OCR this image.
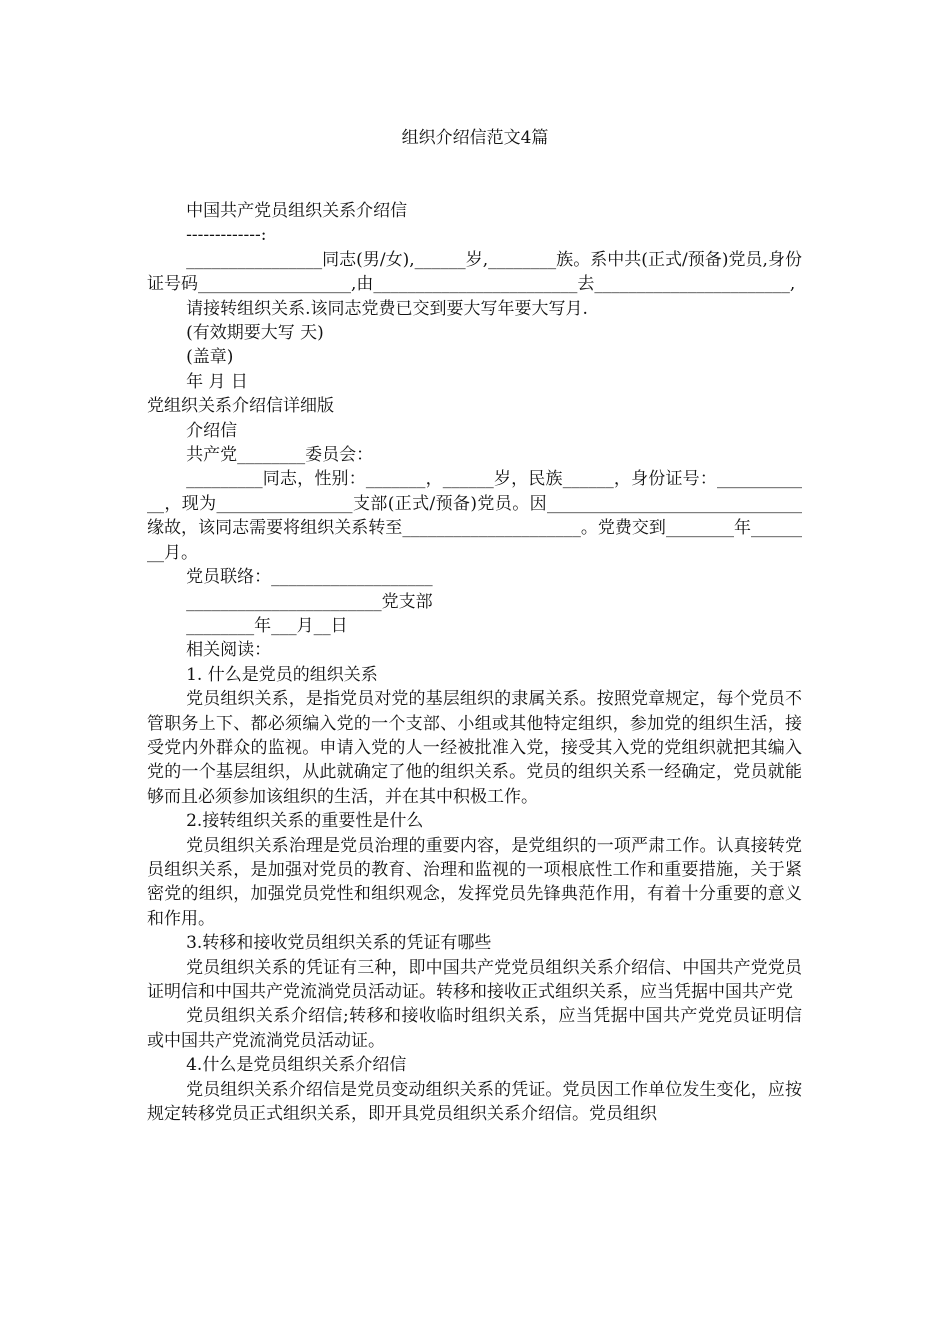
组织介绍信范文4篇

中国共产党员组织关系介绍信

-------------:

________________同志(男/女),______岁,________族。系中共(正式/预备)党员,身份证号码__________________,由________________________去_______________________,

请接转组织关系.该同志党费已交到要大写年要大写月.

(有效期要大写 天)

(盖章)

年 月 日

党组织关系介绍信详细版

介绍信

共产党________委员会：

_________同志，性别：_______，______岁，民族______，身份证号：____________，现为________________支部(正式/预备)党员。因______________________________缘故，该同志需要将组织关系转至_____________________。党费交到________年________月。

党员联络：___________________

_______________________党支部

________年___月__日

相关阅读：

1. 什么是党员的组织关系

党员组织关系，是指党员对党的基层组织的隶属关系。按照党章规定，每个党员不管职务上下、都必须编入党的一个支部、小组或其他特定组织，参加党的组织生活，接受党内外群众的监视。申请入党的人一经被批准入党，接受其入党的党组织就把其编入党的一个基层组织，从此就确定了他的组织关系。党员的组织关系一经确定，党员就能够而且必须参加该组织的生活，并在其中积极工作。

2.接转组织关系的重要性是什么

党员组织关系治理是党员治理的重要内容，是党组织的一项严肃工作。认真接转党员组织关系，是加强对党员的教育、治理和监视的一项根底性工作和重要措施，关于紧密党的组织，加强党员党性和组织观念，发挥党员先锋典范作用，有着十分重要的意义和作用。

3.转移和接收党员组织关系的凭证有哪些

党员组织关系的凭证有三种，即中国共产党党员组织关系介绍信、中国共产党党员证明信和中国共产党流淌党员活动证。转移和接收正式组织关系，应当凭据中国共产党

党员组织关系介绍信;转移和接收临时组织关系，应当凭据中国共产党党员证明信或中国共产党流淌党员活动证。

4.什么是党员组织关系介绍信

党员组织关系介绍信是党员变动组织关系的凭证。党员因工作单位发生变化，应按规定转移党员正式组织关系，即开具党员组织关系介绍信。党员组织
